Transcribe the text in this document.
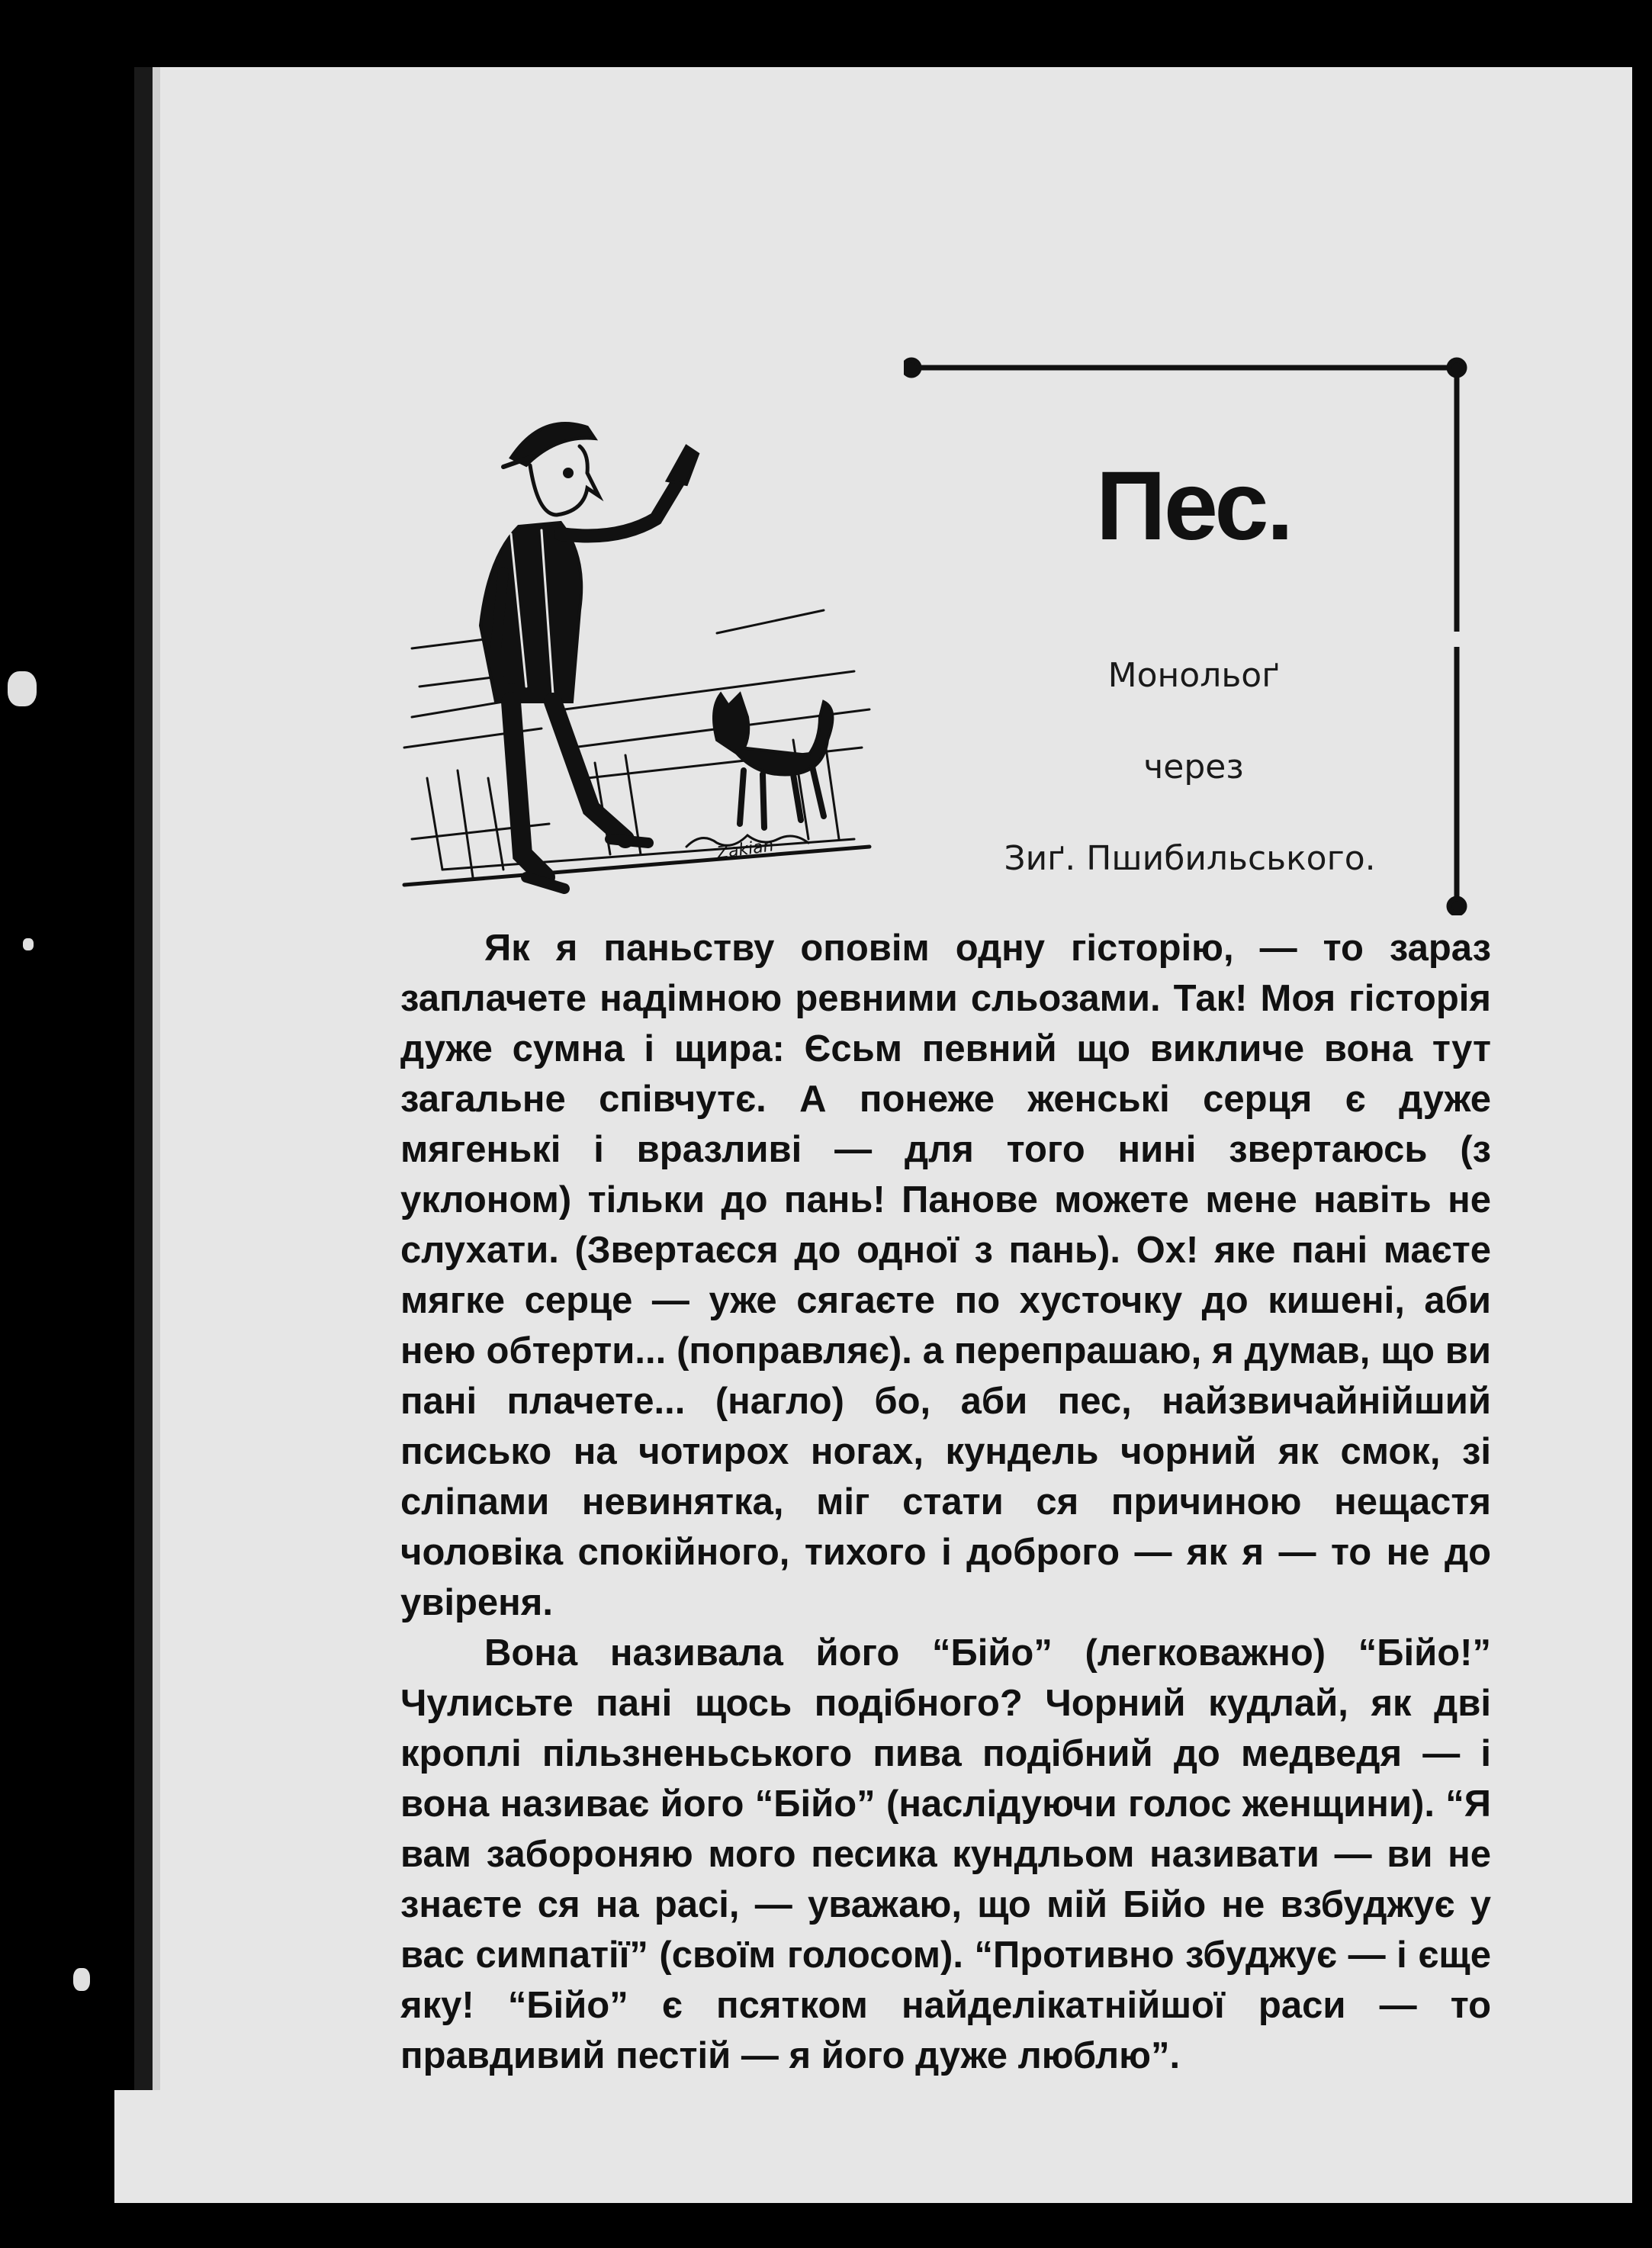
Zakian
Пес.

Монольоґ

через

Зиґ. Пшибильського.

Як я паньству оповім одну гісторію, — то зараз заплачете надімною ревними сльозами. Так! Моя гісторія дуже сумна і щира: Єсьм певний що викличе вона тут загальне співчутє. А понеже женські серця є дуже мягенькі і вразливі — для того нині звертаюсь (з уклоном) тільки до пань! Панове можете мене навіть не слухати. (Звертаєся до одної з пань). Ох! яке пані маєте мягке серце — уже сягаєте по хусточку до кишені, аби нею обтерти... (поправляє). а перепрашаю, я думав, що ви пані плачете... (нагло) бо, аби пес, найзвичайнійший псисько на чотирох ногах, кундель чорний як смок, зі сліпами невинятка, міг стати ся причиною нещастя чоловіка спокійного, тихого і доброго — як я — то не до увіреня.

Вона називала його “Бійо” (легковажно) “Бійо!” Чулисьте пані щось подібного? Чорний кудлай, як дві кроплі пільзненьського пива подібний до медведя — і вона називає його “Бійо” (наслідуючи голос женщини). “Я вам забороняю мого песика кундльом називати — ви не знаєте ся на расі, — уважаю, що мій Бійо не взбуджує у вас симпатії” (своїм голосом). “Противно збуджує — і єще яку! “Бійо” є псятком найделікатнійшої раси — то правдивий пестій — я його дуже люблю”.
